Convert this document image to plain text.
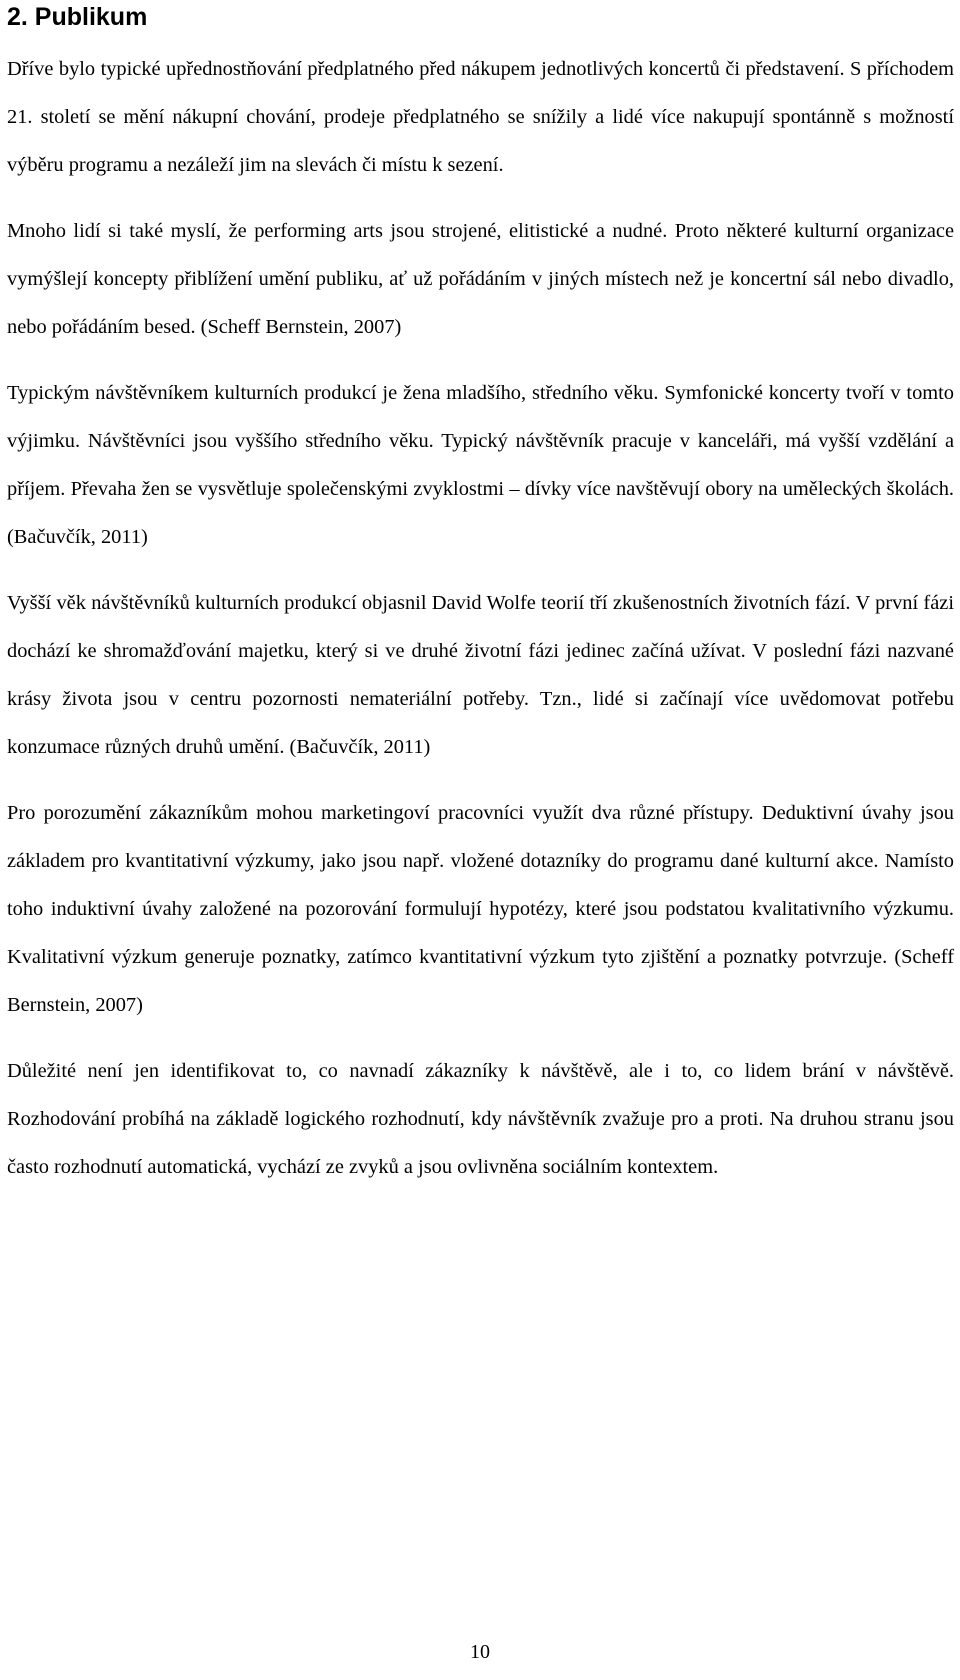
2. Publikum

Dříve bylo typické upřednostňování předplatného před nákupem jednotlivých koncertů či představení. S příchodem 21. století se mění nákupní chování, prodeje předplatného se snížily a lidé více nakupují spontánně s možností výběru programu a nezáleží jim na slevách či místu k sezení.

Mnoho lidí si také myslí, že performing arts jsou strojené, elitistické a nudné. Proto některé kulturní organizace vymýšlejí koncepty přiblížení umění publiku, ať už pořádáním v jiných místech než je koncertní sál nebo divadlo, nebo pořádáním besed. (Scheff Bernstein, 2007)

Typickým návštěvníkem kulturních produkcí je žena mladšího, středního věku. Symfonické koncerty tvoří v tomto výjimku. Návštěvníci jsou vyššího středního věku. Typický návštěvník pracuje v kanceláři, má vyšší vzdělání a příjem. Převaha žen se vysvětluje společenskými zvyklostmi – dívky více navštěvují obory na uměleckých školách. (Bačuvčík, 2011)

Vyšší věk návštěvníků kulturních produkcí objasnil David Wolfe teorií tří zkušenostních životních fází. V první fázi dochází ke shromažďování majetku, který si ve druhé životní fázi jedinec začíná užívat. V poslední fázi nazvané krásy života jsou v centru pozornosti nemateriální potřeby. Tzn., lidé si začínají více uvědomovat potřebu konzumace různých druhů umění. (Bačuvčík, 2011)

Pro porozumění zákazníkům mohou marketingoví pracovníci využít dva různé přístupy. Deduktivní úvahy jsou základem pro kvantitativní výzkumy, jako jsou např. vložené dotazníky do programu dané kulturní akce. Namísto toho induktivní úvahy založené na pozorování formulují hypotézy, které jsou podstatou kvalitativního výzkumu. Kvalitativní výzkum generuje poznatky, zatímco kvantitativní výzkum tyto zjištění a poznatky potvrzuje. (Scheff Bernstein, 2007)

Důležité není jen identifikovat to, co navnadí zákazníky k návštěvě, ale i to, co lidem brání v návštěvě. Rozhodování probíhá na základě logického rozhodnutí, kdy návštěvník zvažuje pro a proti. Na druhou stranu jsou často rozhodnutí automatická, vychází ze zvyků a jsou ovlivněna sociálním kontextem.

10
